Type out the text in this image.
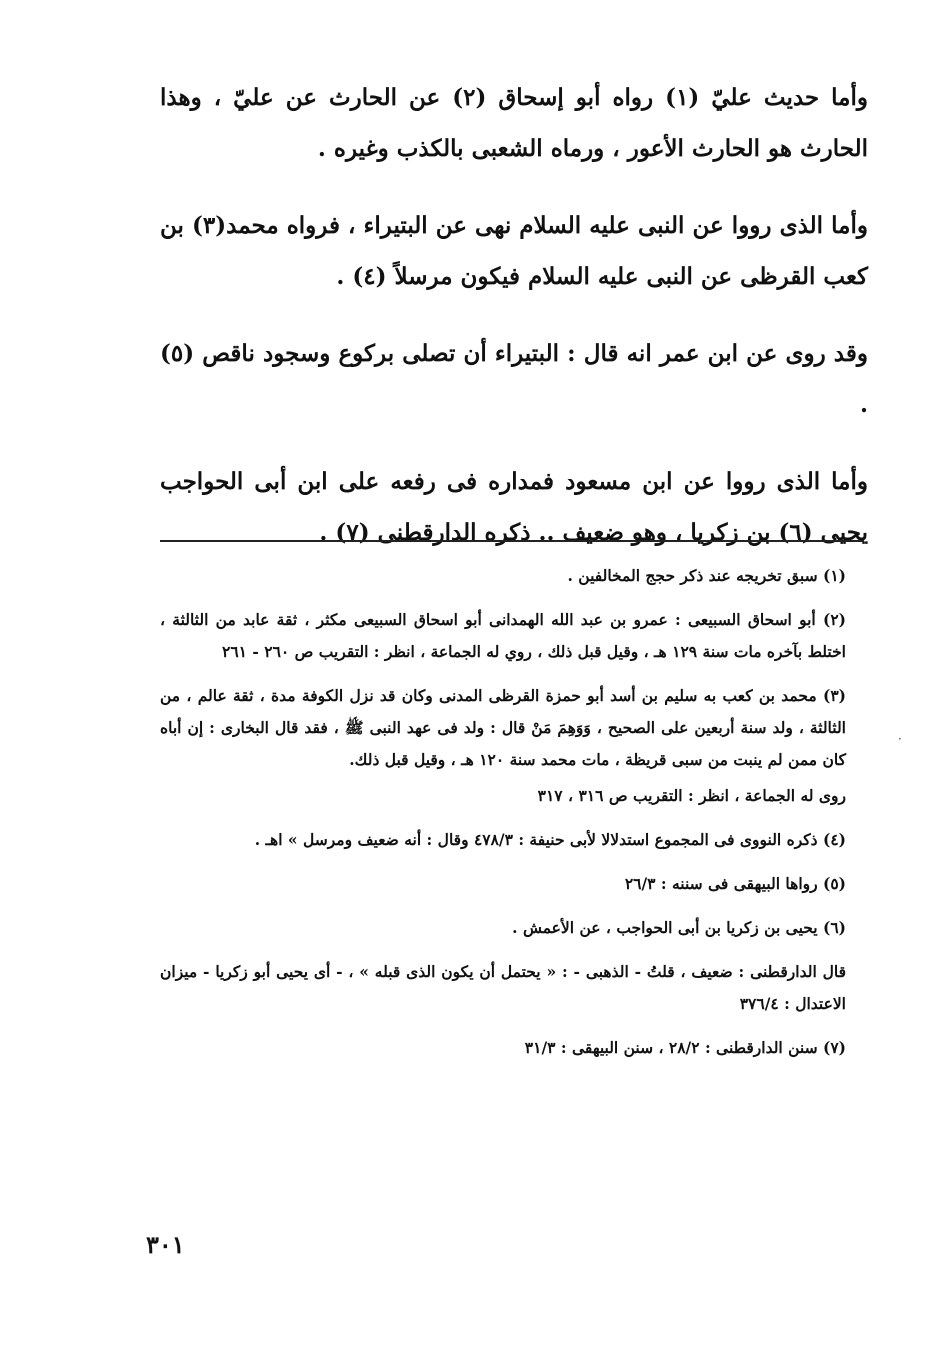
وأما حديث عليّ (١) رواه أبو إسحاق (٢) عن الحارث عن عليّ ، وهذا الحارث هو الحارث الأعور ، ورماه الشعبى بالكذب وغيره .

وأما الذى رووا عن النبى عليه السلام نهى عن البتيراء ، فرواه محمد(٣) بن كعب القرظى عن النبى عليه السلام فيكون مرسلاً (٤) .

وقد روى عن ابن عمر انه قال : البتيراء أن تصلى بركوع وسجود ناقص (٥) .

وأما الذى رووا عن ابن مسعود فمداره فى رفعه على ابن أبى الحواجب يحيى (٦) بن زكريا ، وهو ضعيف .. ذكره الدارقطنى (٧) .

(١) سبق تخريجه عند ذكر حجج المخالفين .
(٢) أبو اسحاق السبيعى : عمرو بن عبد الله الهمدانى أبو اسحاق السبيعى مكثر ، ثقة عابد من الثالثة ، اختلط بآخره مات سنة ١٢٩ هـ ، وقيل قبل ذلك ، روي له الجماعة ، انظر : التقريب ص ٢٦٠ - ٢٦١
(٣) محمد بن كعب به سليم بن أسد أبو حمزة القرظى المدنى وكان قد نزل الكوفة مدة ، ثقة عالم ، من الثالثة ، ولد سنة أربعين على الصحيح ، وَوَهِمَ مَنْ قال : ولد فى عهد النبى ﷺ ، فقد قال البخارى : إن أباه كان ممن لم ينبت من سبى قريظة ، مات محمد سنة ١٢٠ هـ ، وقيل قبل ذلك.
روى له الجماعة ، انظر : التقريب ص ٣١٦ ، ٣١٧
(٤) ذكره النووى فى المجموع استدلالا لأبى حنيفة : ٤٧٨/٣ وقال : أنه ضعيف ومرسل » اهـ .
(٥) رواها البيهقى فى سننه : ٢٦/٣
(٦) يحيى بن زكريا بن أبى الحواجب ، عن الأعمش .
قال الدارقطنى : ضعيف ، قلتُ - الذهبى - : « يحتمل أن يكون الذى قبله » ، - أى يحيى أبو زكريا - ميزان الاعتدال : ٣٧٦/٤
(٧) سنن الدارقطنى : ٢٨/٢ ، سنن البيهقى : ٣١/٣
٣٠١
·
